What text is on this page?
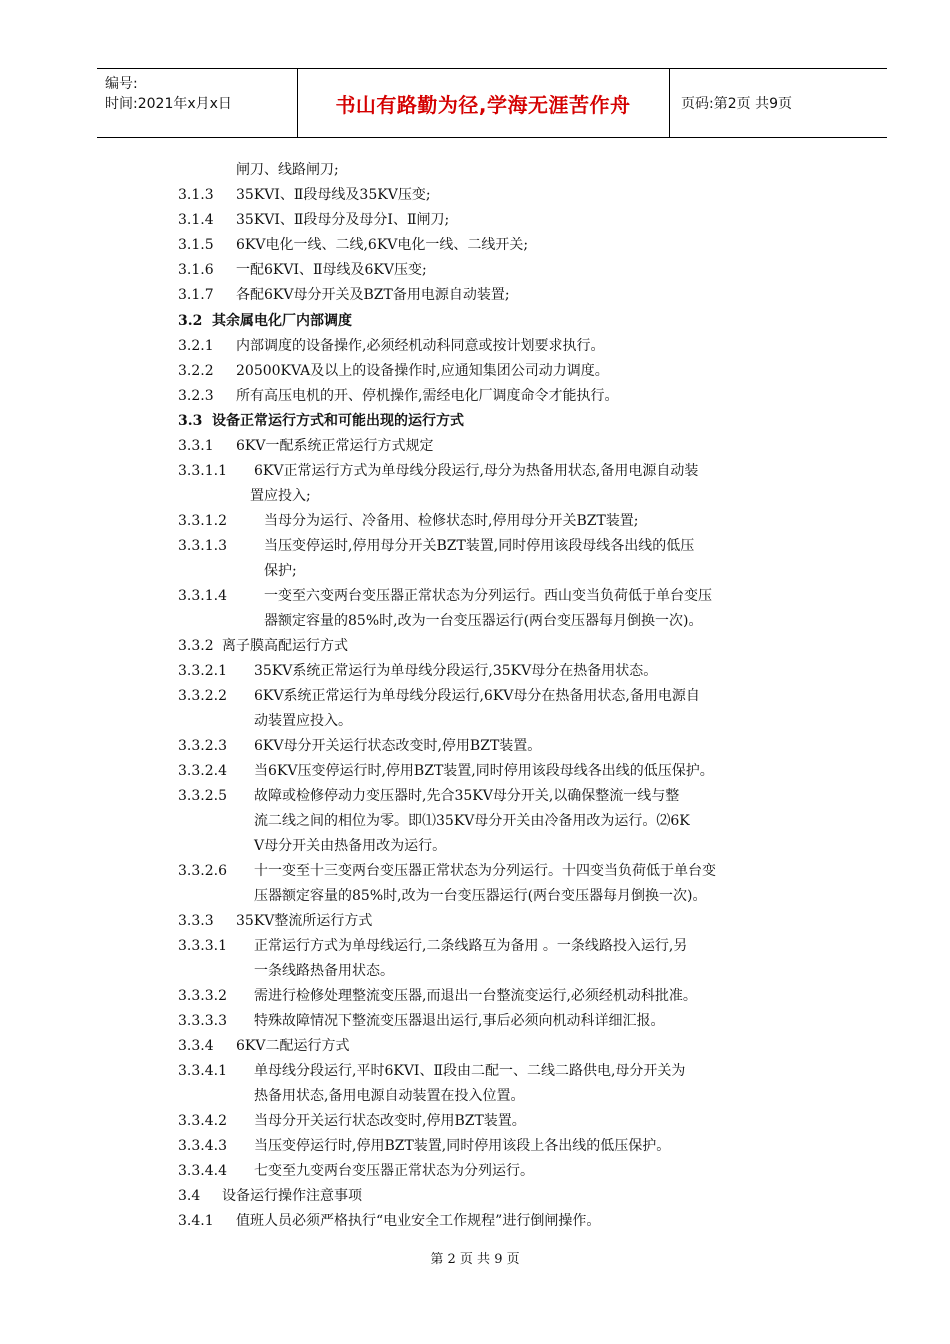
编号:
时间:2021年x月x日	书山有路勤为径,学海无涯苦作舟	页码:第2页 共9页
闸刀、线路闸刀;
3.1.3 35KVⅠ、Ⅱ段母线及35KV压变;
3.1.4 35KVⅠ、Ⅱ段母分及母分Ⅰ、Ⅱ闸刀;
3.1.5 6KV电化一线、二线,6KV电化一线、二线开关;
3.1.6 一配6KVⅠ、Ⅱ母线及6KV压变;
3.1.7 各配6KV母分开关及BZT备用电源自动装置;
3.2 其余属电化厂内部调度
3.2.1 内部调度的设备操作,必须经机动科同意或按计划要求执行。
3.2.2 20500KVA及以上的设备操作时,应通知集团公司动力调度。
3.2.3 所有高压电机的开、停机操作,需经电化厂调度命令才能执行。
3.3 设备正常运行方式和可能出现的运行方式
3.3.1 6KV一配系统正常运行方式规定
3.3.1.1 6KV正常运行方式为单母线分段运行,母分为热备用状态,备用电源自动装
置应投入;
3.3.1.2	当母分为运行、冷备用、检修状态时,停用母分开关BZT装置;
3.3.1.3	当压变停运时,停用母分开关BZT装置,同时停用该段母线各出线的低压
保护;
3.3.1.4	一变至六变两台变压器正常状态为分列运行。西山变当负荷低于单台变压
器额定容量的85%时,改为一台变压器运行(两台变压器每月倒换一次)。
3.3.2 离子膜高配运行方式
3.3.2.1 35KV系统正常运行为单母线分段运行,35KV母分在热备用状态。
3.3.2.2 6KV系统正常运行为单母线分段运行,6KV母分在热备用状态,备用电源自
动装置应投入。
3.3.2.3 6KV母分开关运行状态改变时,停用BZT装置。
3.3.2.4 当6KV压变停运行时,停用BZT装置,同时停用该段母线各出线的低压保护。
3.3.2.5 故障或检修停动力变压器时,先合35KV母分开关,以确保整流一线与整
流二线之间的相位为零。即⑴35KV母分开关由冷备用改为运行。⑵6K
V母分开关由热备用改为运行。
3.3.2.6 十一变至十三变两台变压器正常状态为分列运行。十四变当负荷低于单台变
压器额定容量的85%时,改为一台变压器运行(两台变压器每月倒换一次)。
3.3.3 35KV整流所运行方式
3.3.3.1 正常运行方式为单母线运行,二条线路互为备用 。一条线路投入运行,另
一条线路热备用状态。
3.3.3.2 需进行检修处理整流变压器,而退出一台整流变运行,必须经机动科批准。
3.3.3.3 特殊故障情况下整流变压器退出运行,事后必须向机动科详细汇报。
3.3.4 6KV二配运行方式
3.3.4.1 单母线分段运行,平时6KVⅠ、Ⅱ段由二配一、二线二路供电,母分开关为
热备用状态,备用电源自动装置在投入位置。
3.3.4.2 当母分开关运行状态改变时,停用BZT装置。
3.3.4.3 当压变停运行时,停用BZT装置,同时停用该段上各出线的低压保护。
3.3.4.4 七变至九变两台变压器正常状态为分列运行。
3.4 设备运行操作注意事项
3.4.1 值班人员必须严格执行“电业安全工作规程”进行倒闸操作。
第 2 页 共 9 页
